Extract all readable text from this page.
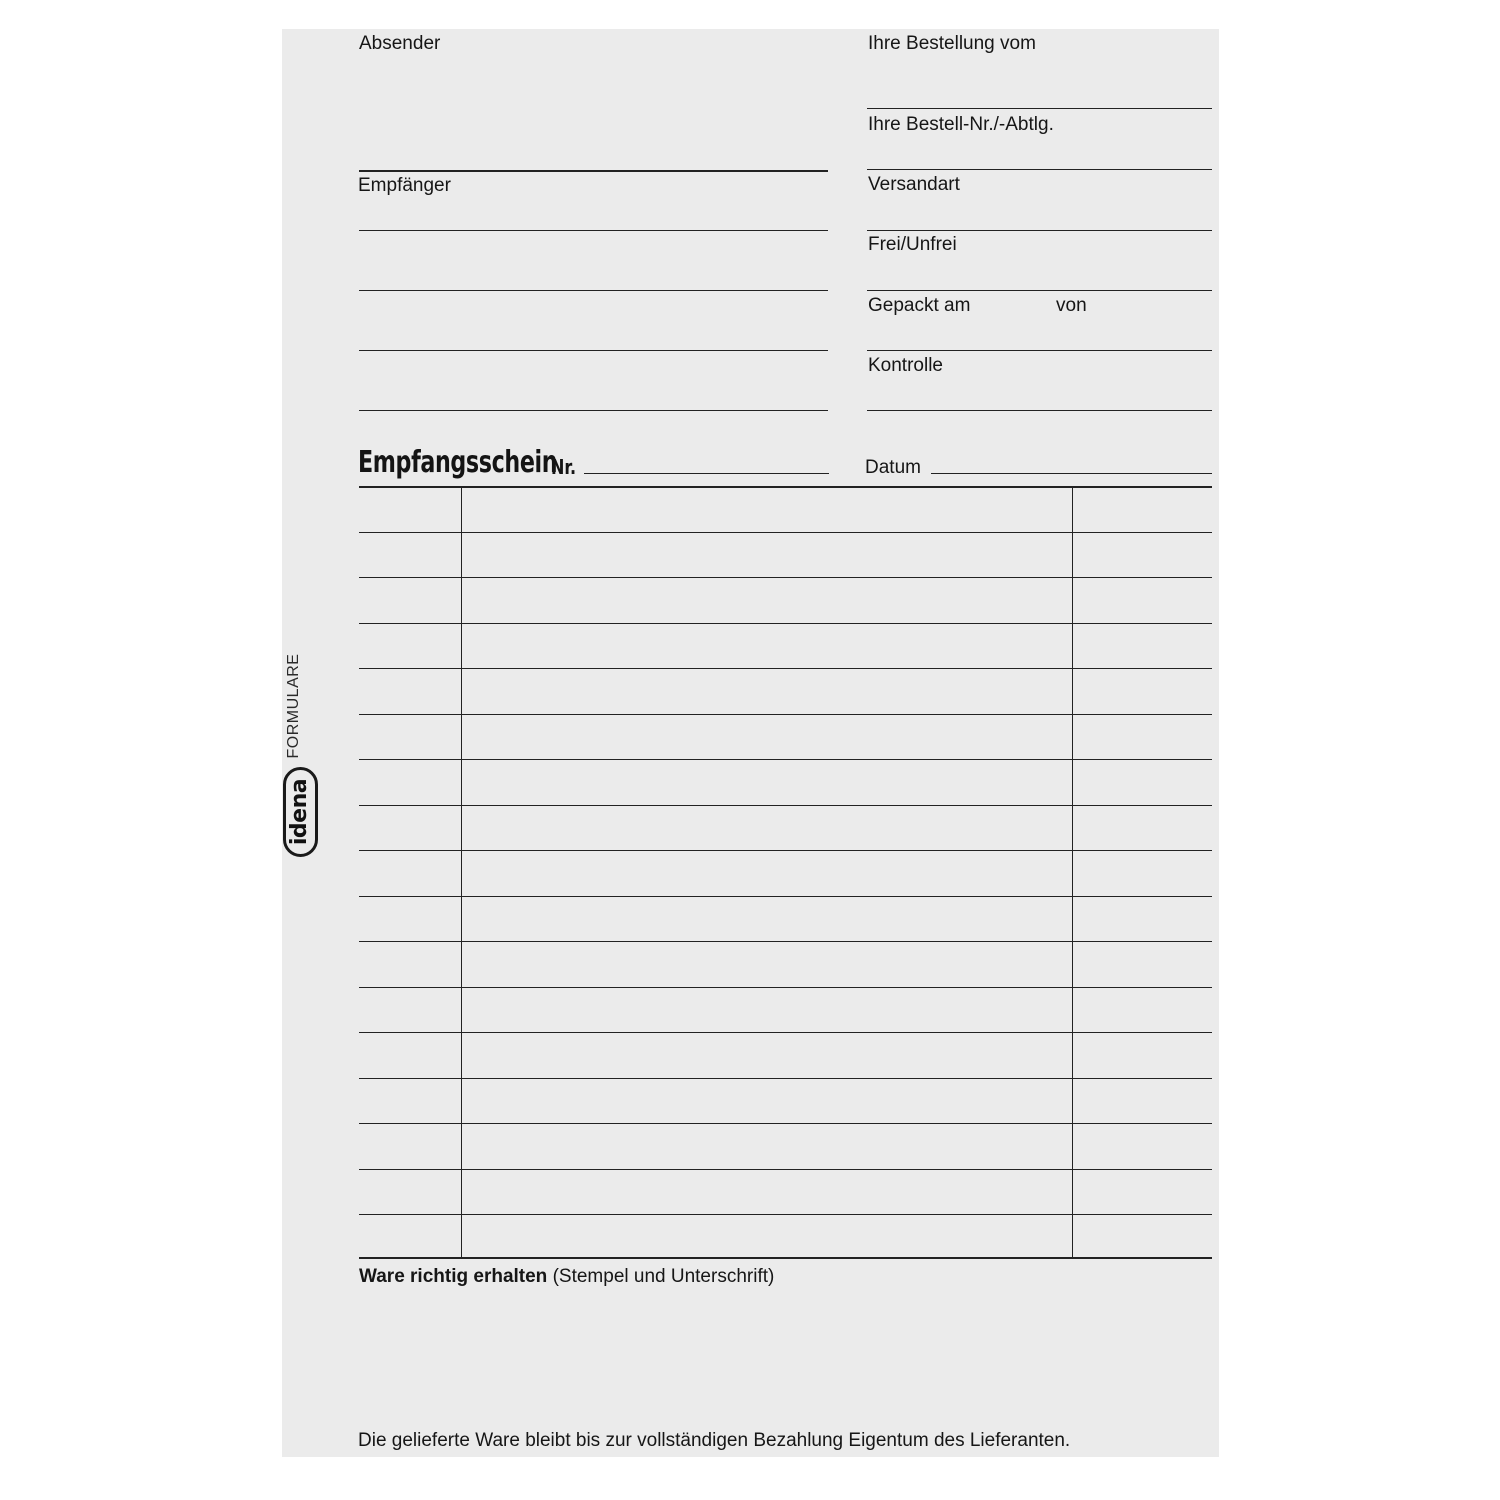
Absender
Empfänger
Ihre Bestellung vom
Ihre Bestell-Nr./-Abtlg.
Versandart
Frei/Unfrei
Gepackt am	von
Kontrolle
Empfangsschein
Nr.	Datum
Ware richtig erhalten (Stempel und Unterschrift)
Die gelieferte Ware bleibt bis zur vollständigen Bezahlung Eigentum des Lieferanten.
FORMULARE
idena
